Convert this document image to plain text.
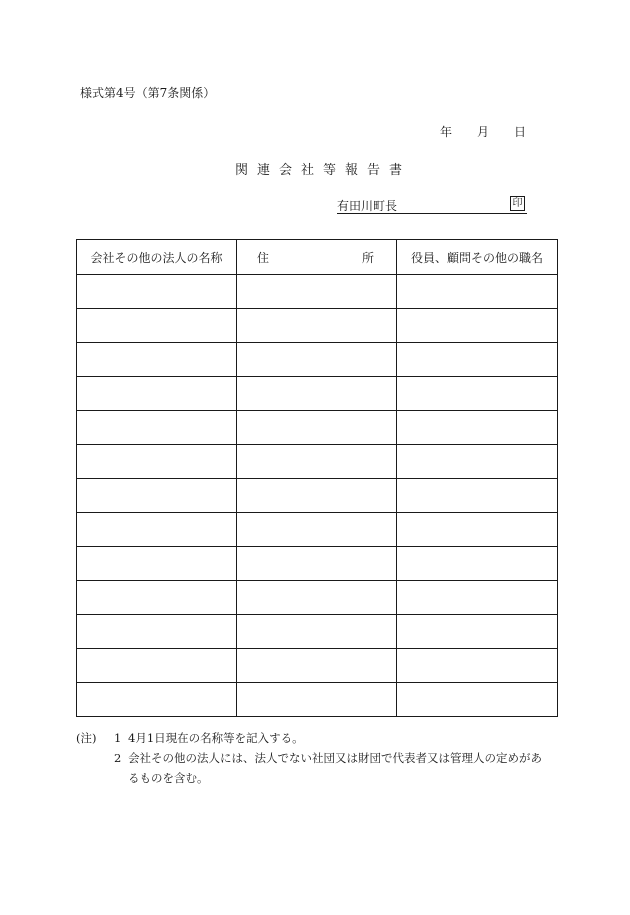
様式第4号（第7条関係）
年 月 日
関連会社等報告書
有田川町長	印
会社その他の法人の名称	住 所	役員、顧問その他の職名

(注)	1 4月1日現在の名称等を記入する。
2 会社その他の法人には、法人でない社団又は財団で代表者又は管理人の定めがあ
るものを含む。
